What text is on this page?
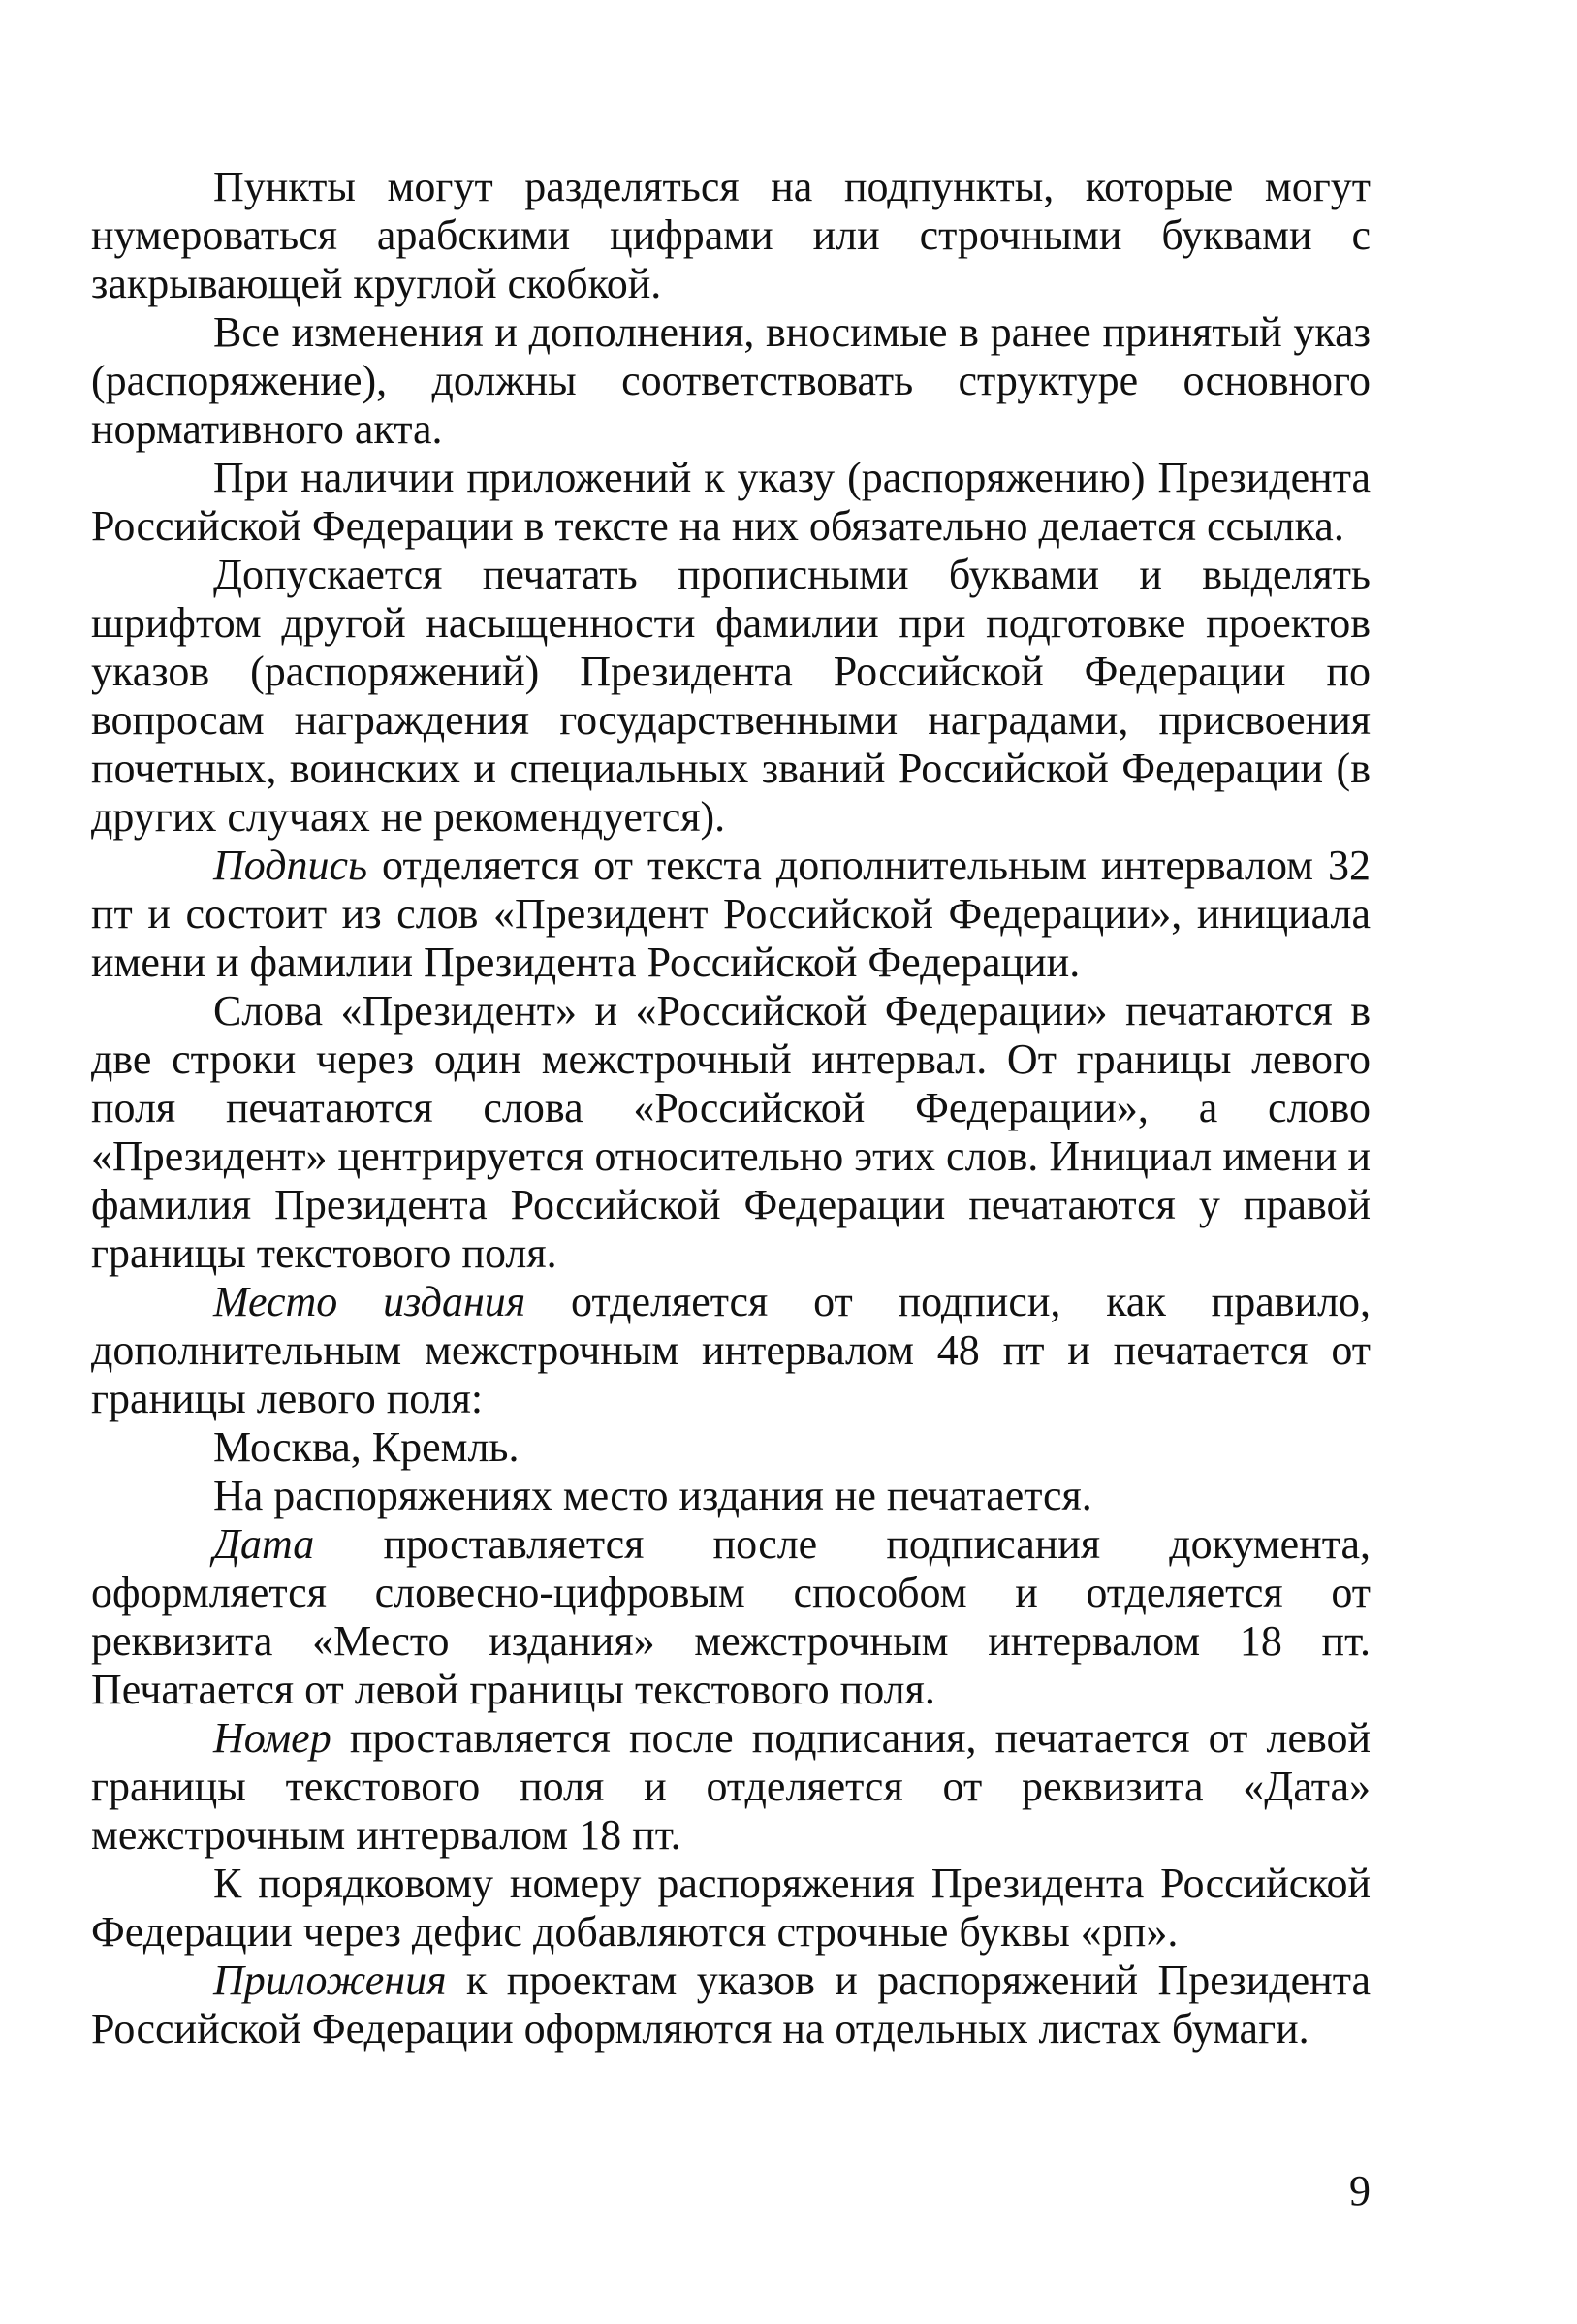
Пункты могут разделяться на подпункты, которые могут нумероваться арабскими цифрами или строчными буквами с закрывающей круглой скобкой.

Все изменения и дополнения, вносимые в ранее принятый указ (распоряжение), должны соответствовать структуре основного нормативного акта.

При наличии приложений к указу (распоряжению) Президента Российской Федерации в тексте на них обязательно делается ссылка.

Допускается печатать прописными буквами и выделять шрифтом другой насыщенности фамилии при подготовке проектов указов (распоряжений) Президента Российской Федерации по вопросам награждения государственными наградами, присвоения почетных, воинских и специальных званий Российской Федерации (в других случаях не рекомендуется).

Подпись отделяется от текста дополнительным интервалом 32 пт и состоит из слов «Президент Российской Федерации», инициала имени и фамилии Президента Российской Федерации.

Слова «Президент» и «Российской Федерации» печатаются в две строки через один межстрочный интервал. От границы левого поля печатаются слова «Российской Федерации», а слово «Президент» центрируется относительно этих слов. Инициал имени и фамилия Президента Российской Федерации печатаются у правой границы текстового поля.

Место издания отделяется от подписи, как правило, дополнительным межстрочным интервалом 48 пт и печатается от границы левого поля:

Москва, Кремль.

На распоряжениях место издания не печатается.

Дата проставляется после подписания документа, оформляется словесно-цифровым способом и отделяется от реквизита «Место издания» межстрочным интервалом 18 пт. Печатается от левой границы текстового поля.

Номер проставляется после подписания, печатается от левой границы текстового поля и отделяется от реквизита «Дата» межстрочным интервалом 18 пт.

К порядковому номеру распоряжения Президента Российской Федерации через дефис добавляются строчные буквы «рп».

Приложения к проектам указов и распоряжений Президента Российской Федерации оформляются на отдельных листах бумаги.

9
